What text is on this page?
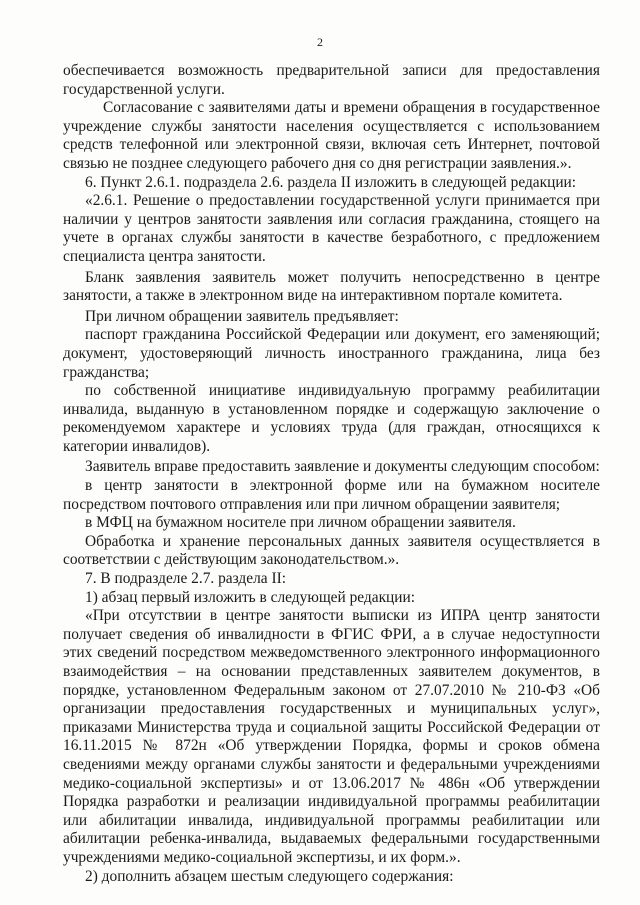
2

обеспечивается возможность предварительной записи для предоставления государственной услуги.

Согласование с заявителями даты и времени обращения в государственное учреждение службы занятости населения осуществляется с использованием средств телефонной или электронной связи, включая сеть Интернет, почтовой связью не позднее следующего рабочего дня со дня регистрации заявления.».

6. Пункт 2.6.1. подраздела 2.6. раздела II изложить в следующей редакции:

«2.6.1. Решение о предоставлении государственной услуги принимается при наличии у центров занятости заявления или согласия гражданина, стоящего на учете в органах службы занятости в качестве безработного, с предложением специалиста центра занятости.

Бланк заявления заявитель может получить непосредственно в центре занятости, а также в электронном виде на интерактивном портале комитета.

При личном обращении заявитель предъявляет:

паспорт гражданина Российской Федерации или документ, его заменяющий; документ, удостоверяющий личность иностранного гражданина, лица без гражданства;

по собственной инициативе индивидуальную программу реабилитации инвалида, выданную в установленном порядке и содержащую заключение о рекомендуемом характере и условиях труда (для граждан, относящихся к категории инвалидов).

Заявитель вправе предоставить заявление и документы следующим способом:

в центр занятости в электронной форме или на бумажном носителе посредством почтового отправления или при личном обращении заявителя;

в МФЦ на бумажном носителе при личном обращении заявителя.

Обработка и хранение персональных данных заявителя осуществляется в соответствии с действующим законодательством.».

7. В подразделе 2.7. раздела II:

1) абзац первый изложить в следующей редакции:

«При отсутствии в центре занятости выписки из ИПРА центр занятости получает сведения об инвалидности в ФГИС ФРИ, а в случае недоступности этих сведений посредством межведомственного электронного информационного взаимодействия – на основании представленных заявителем документов, в порядке, установленном Федеральным законом от 27.07.2010 № 210-ФЗ «Об организации предоставления государственных и муниципальных услуг», приказами Министерства труда и социальной защиты Российской Федерации от 16.11.2015 № 872н «Об утверждении Порядка, формы и сроков обмена сведениями между органами службы занятости и федеральными учреждениями медико-социальной экспертизы» и от 13.06.2017 № 486н «Об утверждении Порядка разработки и реализации индивидуальной программы реабилитации или абилитации инвалида, индивидуальной программы реабилитации или абилитации ребенка-инвалида, выдаваемых федеральными государственными учреждениями медико-социальной экспертизы, и их форм.».

2) дополнить абзацем шестым следующего содержания:
